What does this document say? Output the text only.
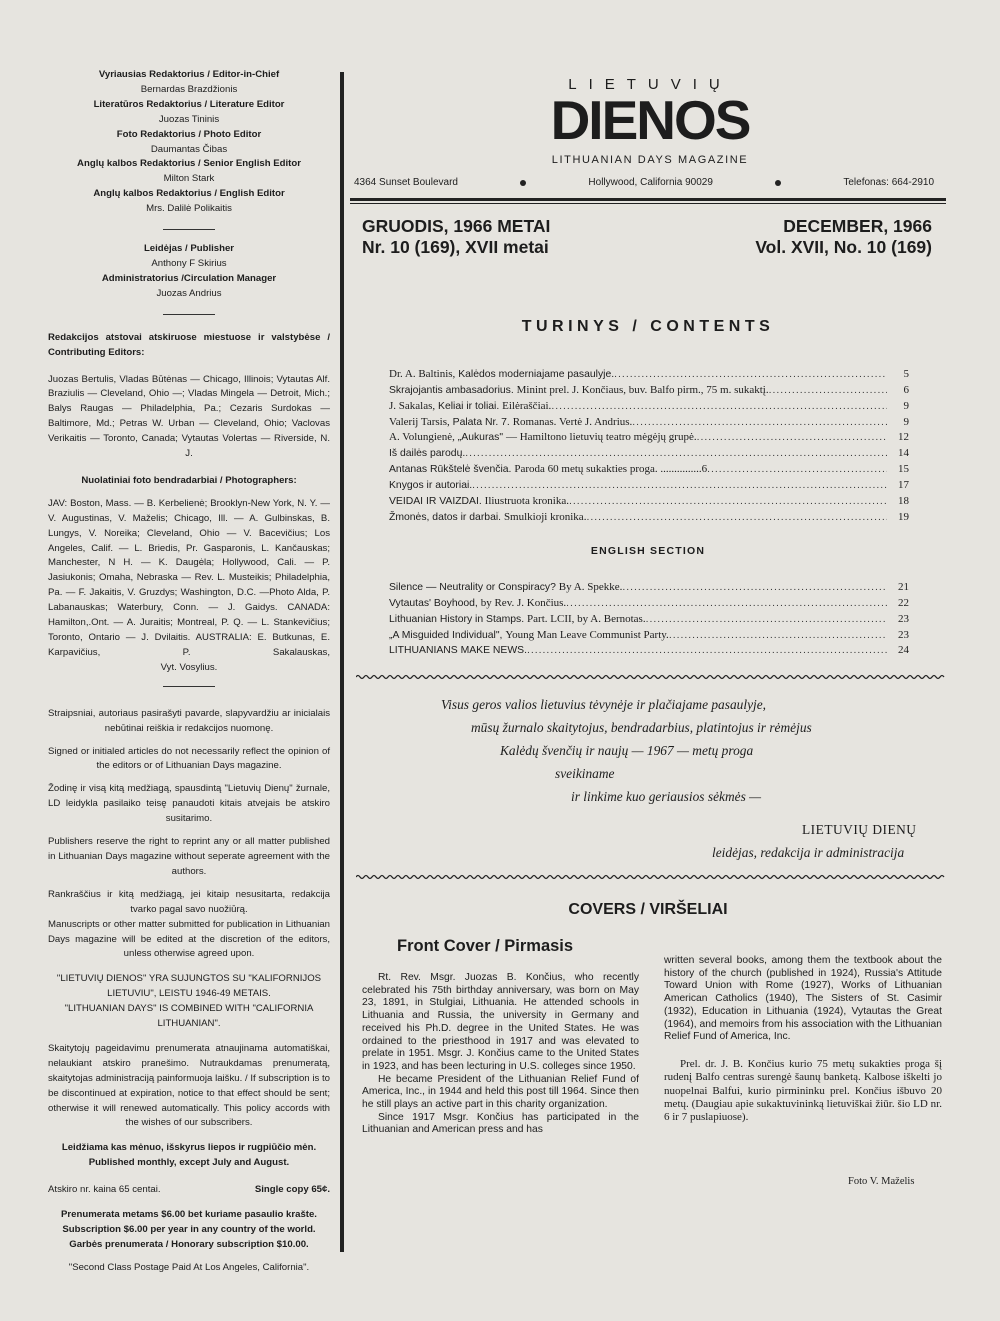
Vyriausias Redaktorius / Editor-in-Chief

Bernardas Brazdžionis

Literatūros Redaktorius / Literature Editor

Juozas Tininis

Foto Redaktorius / Photo Editor

Daumantas Čibas

Anglų kalbos Redaktorius / Senior English Editor

Milton Stark

Anglų kalbos Redaktorius / English Editor

Mrs. Dalilė Polikaitis

Leidėjas / Publisher

Anthony F Skirius

Administratorius /Circulation Manager

Juozas Andrius

Redakcijos atstovai atskiruose miestuose ir valstybėse / Contributing Editors:

Juozas Bertulis, Vladas Būtėnas — Chicago, Illinois; Vytautas Alf. Braziulis — Cleveland, Ohio —; Vladas Mingela — Detroit, Mich.; Balys Raugas — Philadelphia, Pa.; Cezaris Surdokas — Baltimore, Md.; Petras W. Urban — Cleveland, Ohio; Vaclovas Verikaitis — Toronto, Canada; Vytautas Volertas — Riverside, N. J.

Nuolatiniai foto bendradarbiai / Photographers:

JAV: Boston, Mass. — B. Kerbelienė; Brooklyn-New York, N. Y. — V. Augustinas, V. Maželis; Chicago, Ill. — A. Gulbinskas, B. Lungys, V. Noreika; Cleveland, Ohio — V. Bacevičius; Los Angeles, Calif. — L. Briedis, Pr. Gasparonis, L. Kančauskas; Manchester, N H. — K. Daugėla; Hollywood, Cali. — P. Jasiukonis; Omaha, Nebraska — Rev. L. Musteikis; Philadelphia, Pa. — F. Jakaitis, V. Gruzdys; Washington, D.C. —Photo Alda, P. Labanauskas; Waterbury, Conn. — J. Gaidys. CANADA: Hamilton,.Ont. — A. Juraitis; Montreal, P. Q. — L. Stankevičius; Toronto, Ontario — J. Dvilaitis. AUSTRALIA: E. Butkunas, E. Karpavičius, P. Sakalauskas,

Vyt. Vosylius.

Straipsniai, autoriaus pasirašyti pavarde, slapyvardžiu ar inicialais nebūtinai reiškia ir redakcijos nuomonę.

Signed or initialed articles do not necessarily reflect the opinion of the editors or of Lithuanian Days magazine.

Žodinę ir visą kitą medžiagą, spausdintą "Lietuvių Dienų" žurnale, LD leidykla pasilaiko teisę panaudoti kitais atvejais be atskiro susitarimo.

Publishers reserve the right to reprint any or all matter published in Lithuanian Days magazine without seperate agreement with the authors.

Rankraščius ir kitą medžiagą, jei kitaip nesusitarta, redakcija tvarko pagal savo nuožiūrą.

Manuscripts or other matter submitted for publication in Lithuanian Days magazine will be edited at the discretion of the editors, unless otherwise agreed upon.

"LIETUVIŲ DIENOS" YRA SUJUNGTOS SU "KALIFORNIJOS LIETUVIU", LEISTU 1946-49 METAIS.

"LITHUANIAN DAYS" IS COMBINED WITH "CALIFORNIA LITHUANIAN".

Skaitytojų pageidavimu prenumerata atnaujinama automatiškai, nelaukiant atskiro pranešimo. Nutraukdamas prenumeratą, skaitytojas administraciją painformuoja laišku. / If subscription is to be discontinued at expiration, notice to that effect should be sent; otherwise it will renewed automatically. This policy accords with the wishes of our subscribers.

Leidžiama kas mėnuo, išskyrus liepos ir rugpiūčio mėn.

Published monthly, except July and August.

Atskiro nr. kaina 65 centai.	Single copy 65¢.

Prenumerata metams $6.00 bet kuriame pasaulio krašte.

Subscription $6.00 per year in any country of the world.

Garbės prenumerata / Honorary subscription $10.00.

"Second Class Postage Paid At Los Angeles, California".

LIETUVIŲ
DIENOS
LITHUANIAN DAYS MAGAZINE
4364 Sunset Boulevard	Hollywood, California 90029	Telefonas: 664-2910
GRUODIS, 1966 METAI
Nr. 10 (169), XVII metai
DECEMBER, 1966
Vol. XVII, No. 10 (169)
TURINYS / CONTENTS
Dr. A. Baltinis, Kalėdos moderniajame pasaulyje. .....	5
Skrajojantis ambasadorius. Minint prel. J. Končiaus, buv. Balfo pirm., 75 m. sukaktį. .....	6
J. Sakalas, Keliai ir toliai. Eilėraščiai. .....	9
Valerij Tarsis, Palata Nr. 7. Romanas. Vertė J. Andrius. .....	9
A. Volungienė, „Aukuras" — Hamiltono lietuvių teatro mėgėjų grupė. .....	12
Iš dailės parodų. .....	14
Antanas Rūkštelė švenčia. Paroda 60 metų sukakties proga. ...............6 .....	15
Knygos ir autoriai. .....	17
VEIDAI IR VAIZDAI. Iliustruota kronika. .....	18
Žmonės, datos ir darbai. Smulkioji kronika. .....	19
ENGLISH SECTION
Silence — Neutrality or Conspiracy? By A. Spekke. .....	21
Vytautas' Boyhood, by Rev. J. Končius. .....	22
Lithuanian History in Stamps. Part. LCII, by A. Bernotas. .....	23
„A Misguided Individual", Young Man Leave Communist Party. .....	23
LITHUANIANS MAKE NEWS. .....	24
Visus geros valios lietuvius tėvynėje ir plačiajame pasaulyje,
mūsų žurnalo skaitytojus, bendradarbius, platintojus ir rėmėjus
Kalėdų švenčių ir naujų — 1967 — metų proga
sveikiname
ir linkime kuo geriausios sėkmės —
LIETUVIŲ DIENŲ
leidėjas, redakcija ir administracija
COVERS / VIRŠELIAI
Front Cover / Pirmasis

Rt. Rev. Msgr. Juozas B. Končius, who recently celebrated his 75th birthday anniversary, was born on May 23, 1891, in Stulgiai, Lithuania. He attended schools in Lithuania and Russia, the university in Germany and received his Ph.D. degree in the United States. He was ordained to the priesthood in 1917 and was elevated to prelate in 1951. Msgr. J. Končius came to the United States in 1923, and has been lecturing in U.S. colleges since 1950.

He became President of the Lithuanian Relief Fund of America, Inc., in 1944 and held this post till 1964. Since then he still plays an active part in this charity organization.

Since 1917 Msgr. Končius has participated in the Lithuanian and American press and has

written several books, among them the textbook about the history of the church (published in 1924), Russia's Attitude Toward Union with Rome (1927), Works of Lithuanian American Catholics (1940), The Sisters of St. Casimir (1932), Education in Lithuania (1924), Vytautas the Great (1964), and memoirs from his association with the Lithuanian Relief Fund of America, Inc.

Prel. dr. J. B. Končius kurio 75 metų sukakties proga šį rudenį Balfo centras surengė šaunų banketą. Kalbose iškelti jo nuopelnai Balfui, kurio pirmininku prel. Končius išbuvo 20 metų. (Daugiau apie sukaktuvininką lietuviškai žiūr. šio LD nr. 6 ir 7 puslapiuose).

Foto V. Maželis
